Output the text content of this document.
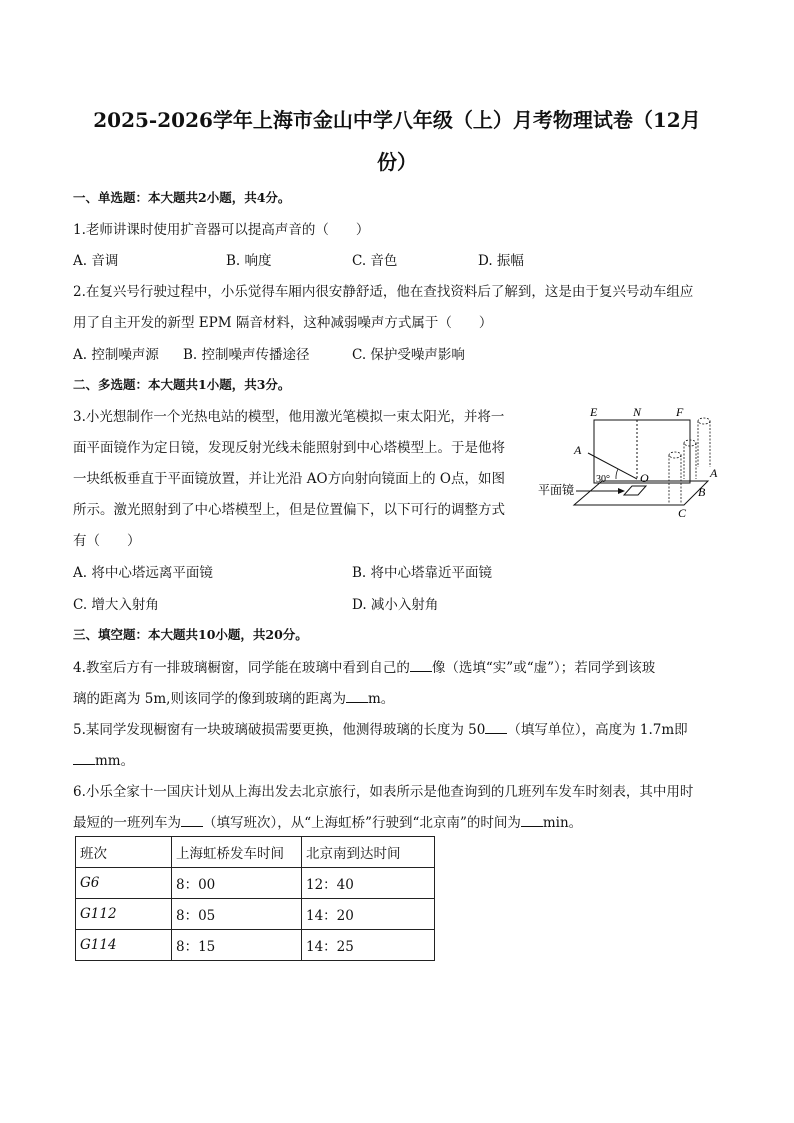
2025-2026学年上海市金山中学八年级（上）月考物理试卷（12月
份）
一、单选题：本大题共2小题，共4分。
1.老师讲课时使用扩音器可以提高声音的（　　）
A. 音调	B. 响度	C. 音色	D. 振幅
2.在复兴号行驶过程中，小乐觉得车厢内很安静舒适，他在查找资料后了解到，这是由于复兴号动车组应
用了自主开发的新型 EPM 隔音材料，这种减弱噪声方式属于（　　）
A. 控制噪声源 B. 控制噪声传播途径	C. 保护受噪声影响
二、多选题：本大题共1小题，共3分。
3.小光想制作一个光热电站的模型，他用激光笔模拟一束太阳光，并将一
面平面镜作为定日镜，发现反射光线未能照射到中心塔模型上。于是他将
一块纸板垂直于平面镜放置，并让光沿 AO方向射向镜面上的 O点，如图
所示。激光照射到了中心塔模型上，但是位置偏下，以下可行的调整方式
有（　　）
E	N	F
A
O
30°
平面镜
A
B
C
A. 将中心塔远离平面镜	B. 将中心塔靠近平面镜
C. 增大入射角	D. 减小入射角
三、填空题：本大题共10小题，共20分。
4.教室后方有一排玻璃橱窗，同学能在玻璃中看到自己的 像（选填“实”或“虚”）；若同学到该玻
璃的距离为 5m,则该同学的像到玻璃的距离为 m。
5.某同学发现橱窗有一块玻璃破损需要更换，他测得玻璃的长度为 50 （填写单位），高度为 1.7m即
mm。
6.小乐全家十一国庆计划从上海出发去北京旅行，如表所示是他查询到的几班列车发车时刻表，其中用时
最短的一班列车为 （填写班次），从“上海虹桥”行驶到“北京南”的时间为 min。
班次	上海虹桥发车时间	北京南到达时间
G6	8：00	12：40
G112	8：05	14：20
G114	8：15	14：25
